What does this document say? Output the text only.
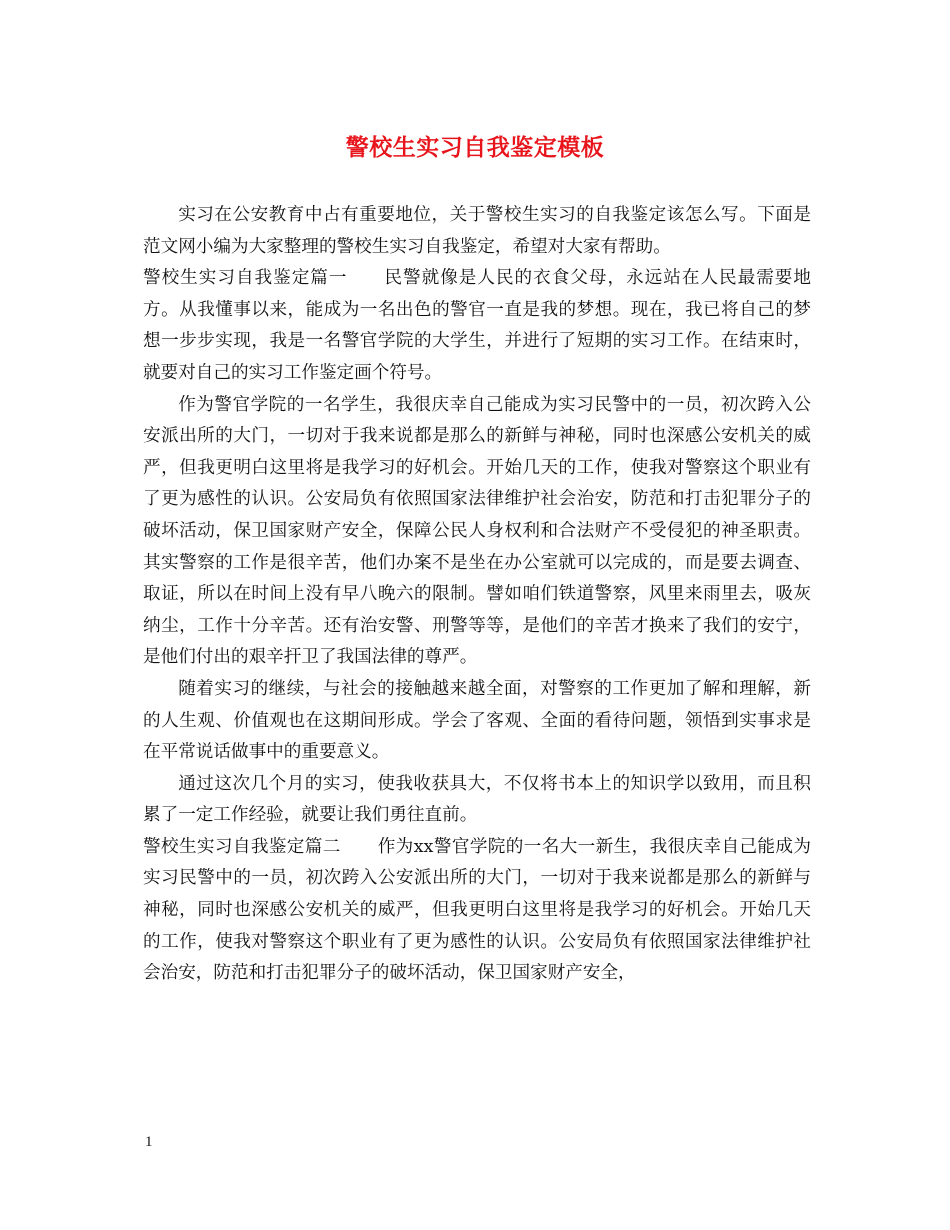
警校生实习自我鉴定模板

实习在公安教育中占有重要地位，关于警校生实习的自我鉴定该怎么写。下面是范文网小编为大家整理的警校生实习自我鉴定，希望对大家有帮助。

警校生实习自我鉴定篇一 民警就像是人民的衣食父母，永远站在人民最需要地方。从我懂事以来，能成为一名出色的警官一直是我的梦想。现在，我已将自己的梦想一步步实现，我是一名警官学院的大学生，并进行了短期的实习工作。在结束时，就要对自己的实习工作鉴定画个符号。

作为警官学院的一名学生，我很庆幸自己能成为实习民警中的一员，初次跨入公安派出所的大门，一切对于我来说都是那么的新鲜与神秘，同时也深感公安机关的威严，但我更明白这里将是我学习的好机会。开始几天的工作，使我对警察这个职业有了更为感性的认识。公安局负有依照国家法律维护社会治安，防范和打击犯罪分子的破坏活动，保卫国家财产安全，保障公民人身权利和合法财产不受侵犯的神圣职责。其实警察的工作是很辛苦，他们办案不是坐在办公室就可以完成的，而是要去调查、取证，所以在时间上没有早八晚六的限制。譬如咱们铁道警察，风里来雨里去，吸灰纳尘，工作十分辛苦。还有治安警、刑警等等，是他们的辛苦才换来了我们的安宁，是他们付出的艰辛扞卫了我国法律的尊严。

随着实习的继续，与社会的接触越来越全面，对警察的工作更加了解和理解，新的人生观、价值观也在这期间形成。学会了客观、全面的看待问题，领悟到实事求是在平常说话做事中的重要意义。

通过这次几个月的实习，使我收获具大，不仅将书本上的知识学以致用，而且积累了一定工作经验，就要让我们勇往直前。

警校生实习自我鉴定篇二 作为xx警官学院的一名大一新生，我很庆幸自己能成为实习民警中的一员，初次跨入公安派出所的大门，一切对于我来说都是那么的新鲜与神秘，同时也深感公安机关的威严，但我更明白这里将是我学习的好机会。开始几天的工作，使我对警察这个职业有了更为感性的认识。公安局负有依照国家法律维护社会治安，防范和打击犯罪分子的破坏活动，保卫国家财产安全，

1
